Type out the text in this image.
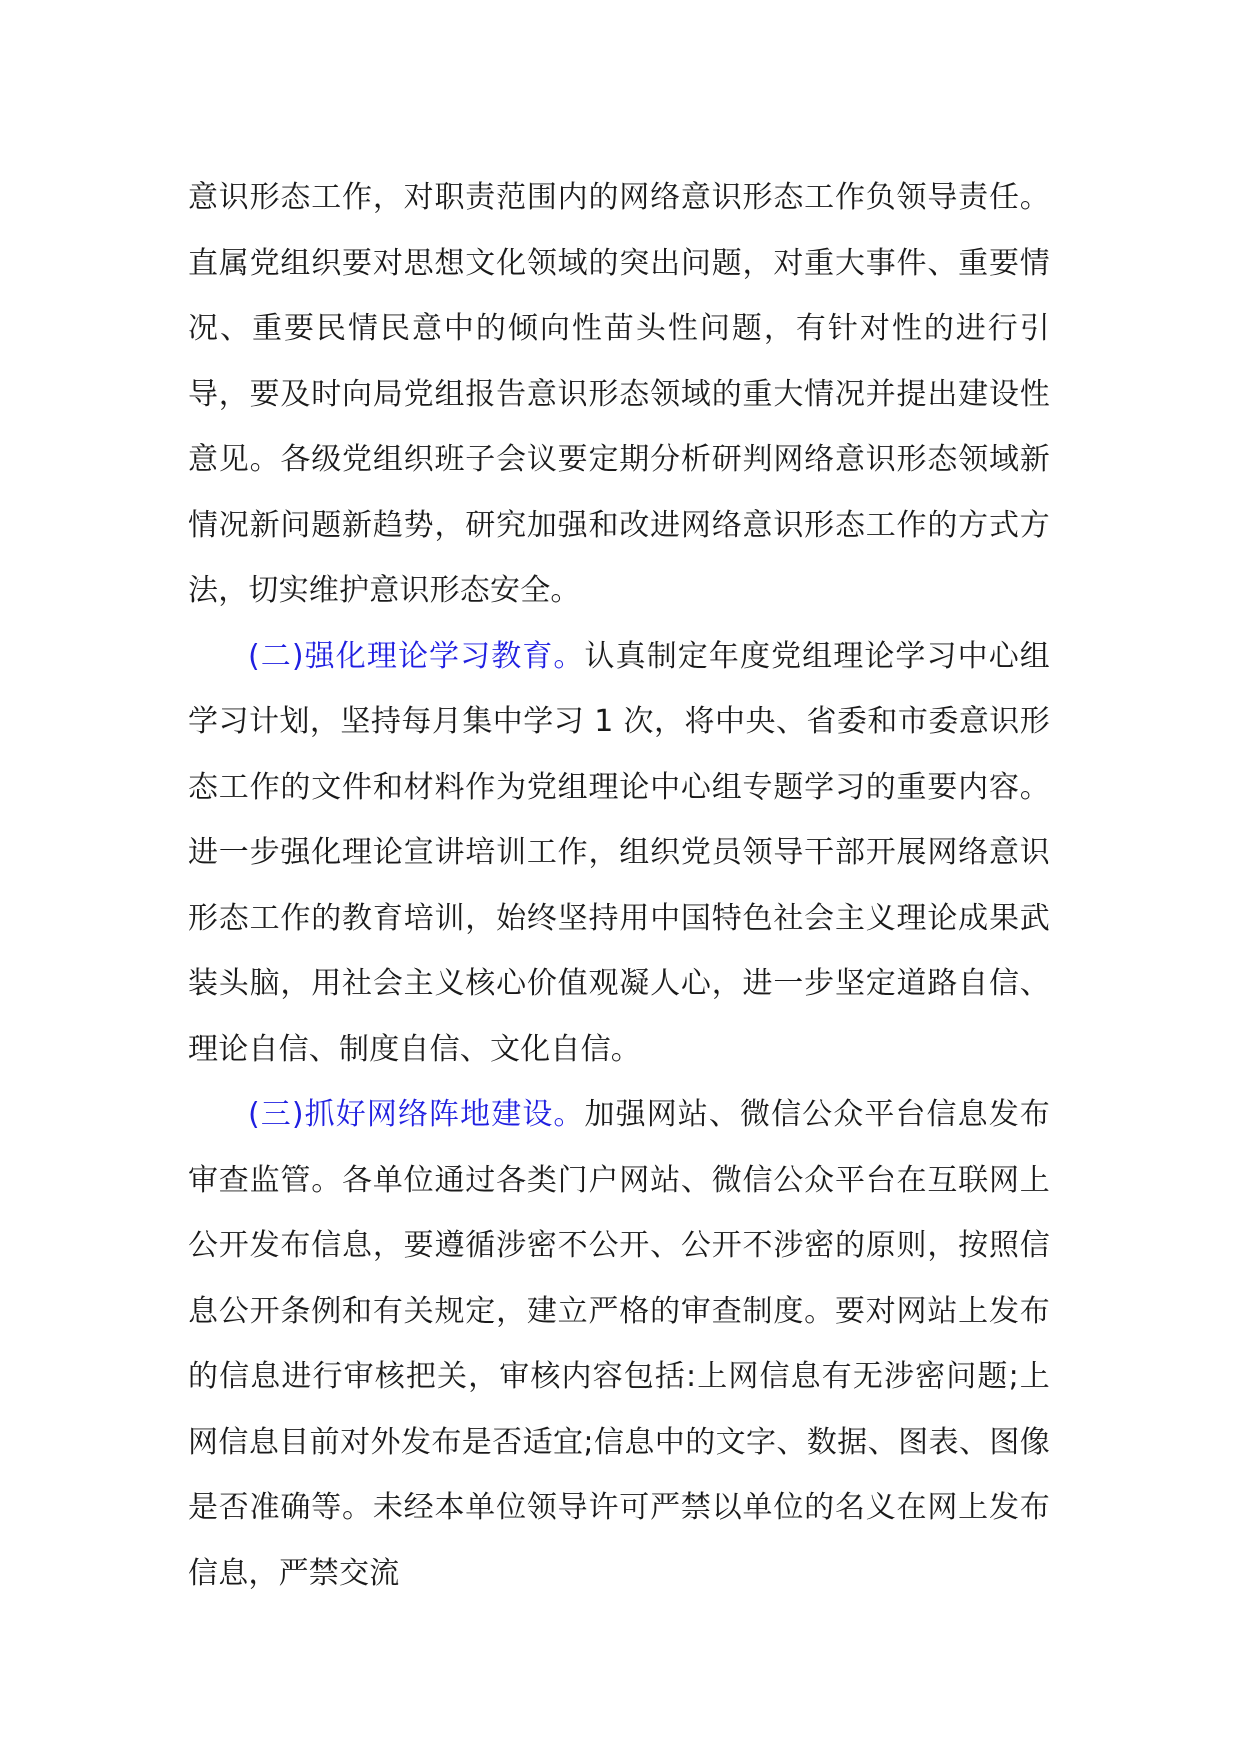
意识形态工作，对职责范围内的网络意识形态工作负领导责任。直属党组织要对思想文化领域的突出问题，对重大事件、重要情况、重要民情民意中的倾向性苗头性问题，有针对性的进行引导，要及时向局党组报告意识形态领域的重大情况并提出建设性意见。各级党组织班子会议要定期分析研判网络意识形态领域新情况新问题新趋势，研究加强和改进网络意识形态工作的方式方法，切实维护意识形态安全。

(二)强化理论学习教育。认真制定年度党组理论学习中心组学习计划，坚持每月集中学习 1 次，将中央、省委和市委意识形态工作的文件和材料作为党组理论中心组专题学习的重要内容。进一步强化理论宣讲培训工作，组织党员领导干部开展网络意识形态工作的教育培训，始终坚持用中国特色社会主义理论成果武装头脑，用社会主义核心价值观凝人心，进一步坚定道路自信、理论自信、制度自信、文化自信。

(三)抓好网络阵地建设。加强网站、微信公众平台信息发布审查监管。各单位通过各类门户网站、微信公众平台在互联网上公开发布信息，要遵循涉密不公开、公开不涉密的原则，按照信息公开条例和有关规定，建立严格的审查制度。要对网站上发布的信息进行审核把关，审核内容包括:上网信息有无涉密问题;上网信息目前对外发布是否适宜;信息中的文字、数据、图表、图像是否准确等。未经本单位领导许可严禁以单位的名义在网上发布信息，严禁交流
